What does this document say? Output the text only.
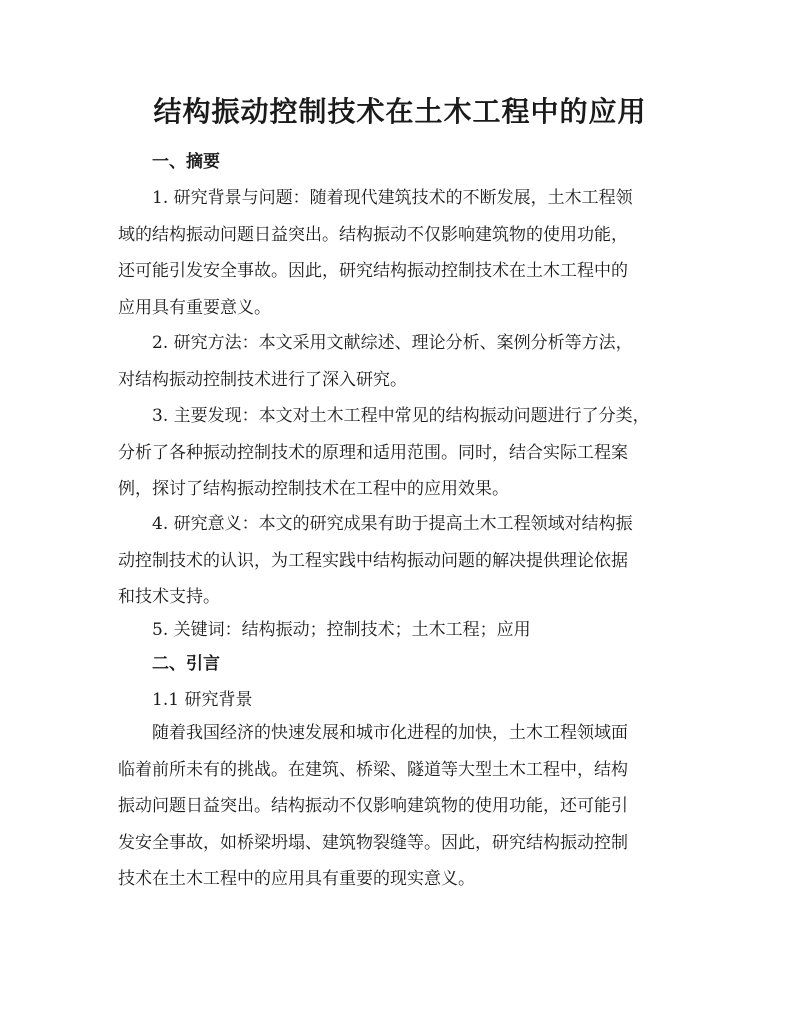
结构振动控制技术在土木工程中的应用
一、摘要
1. 研究背景与问题：随着现代建筑技术的不断发展，土木工程领
域的结构振动问题日益突出。结构振动不仅影响建筑物的使用功能，
还可能引发安全事故。因此，研究结构振动控制技术在土木工程中的
应用具有重要意义。
2. 研究方法：本文采用文献综述、理论分析、案例分析等方法，
对结构振动控制技术进行了深入研究。
3. 主要发现：本文对土木工程中常见的结构振动问题进行了分类，
分析了各种振动控制技术的原理和适用范围。同时，结合实际工程案
例，探讨了结构振动控制技术在工程中的应用效果。
4. 研究意义：本文的研究成果有助于提高土木工程领域对结构振
动控制技术的认识，为工程实践中结构振动问题的解决提供理论依据
和技术支持。
5. 关键词：结构振动；控制技术；土木工程；应用
二、引言
1.1 研究背景
随着我国经济的快速发展和城市化进程的加快，土木工程领域面
临着前所未有的挑战。在建筑、桥梁、隧道等大型土木工程中，结构
振动问题日益突出。结构振动不仅影响建筑物的使用功能，还可能引
发安全事故，如桥梁坍塌、建筑物裂缝等。因此，研究结构振动控制
技术在土木工程中的应用具有重要的现实意义。
